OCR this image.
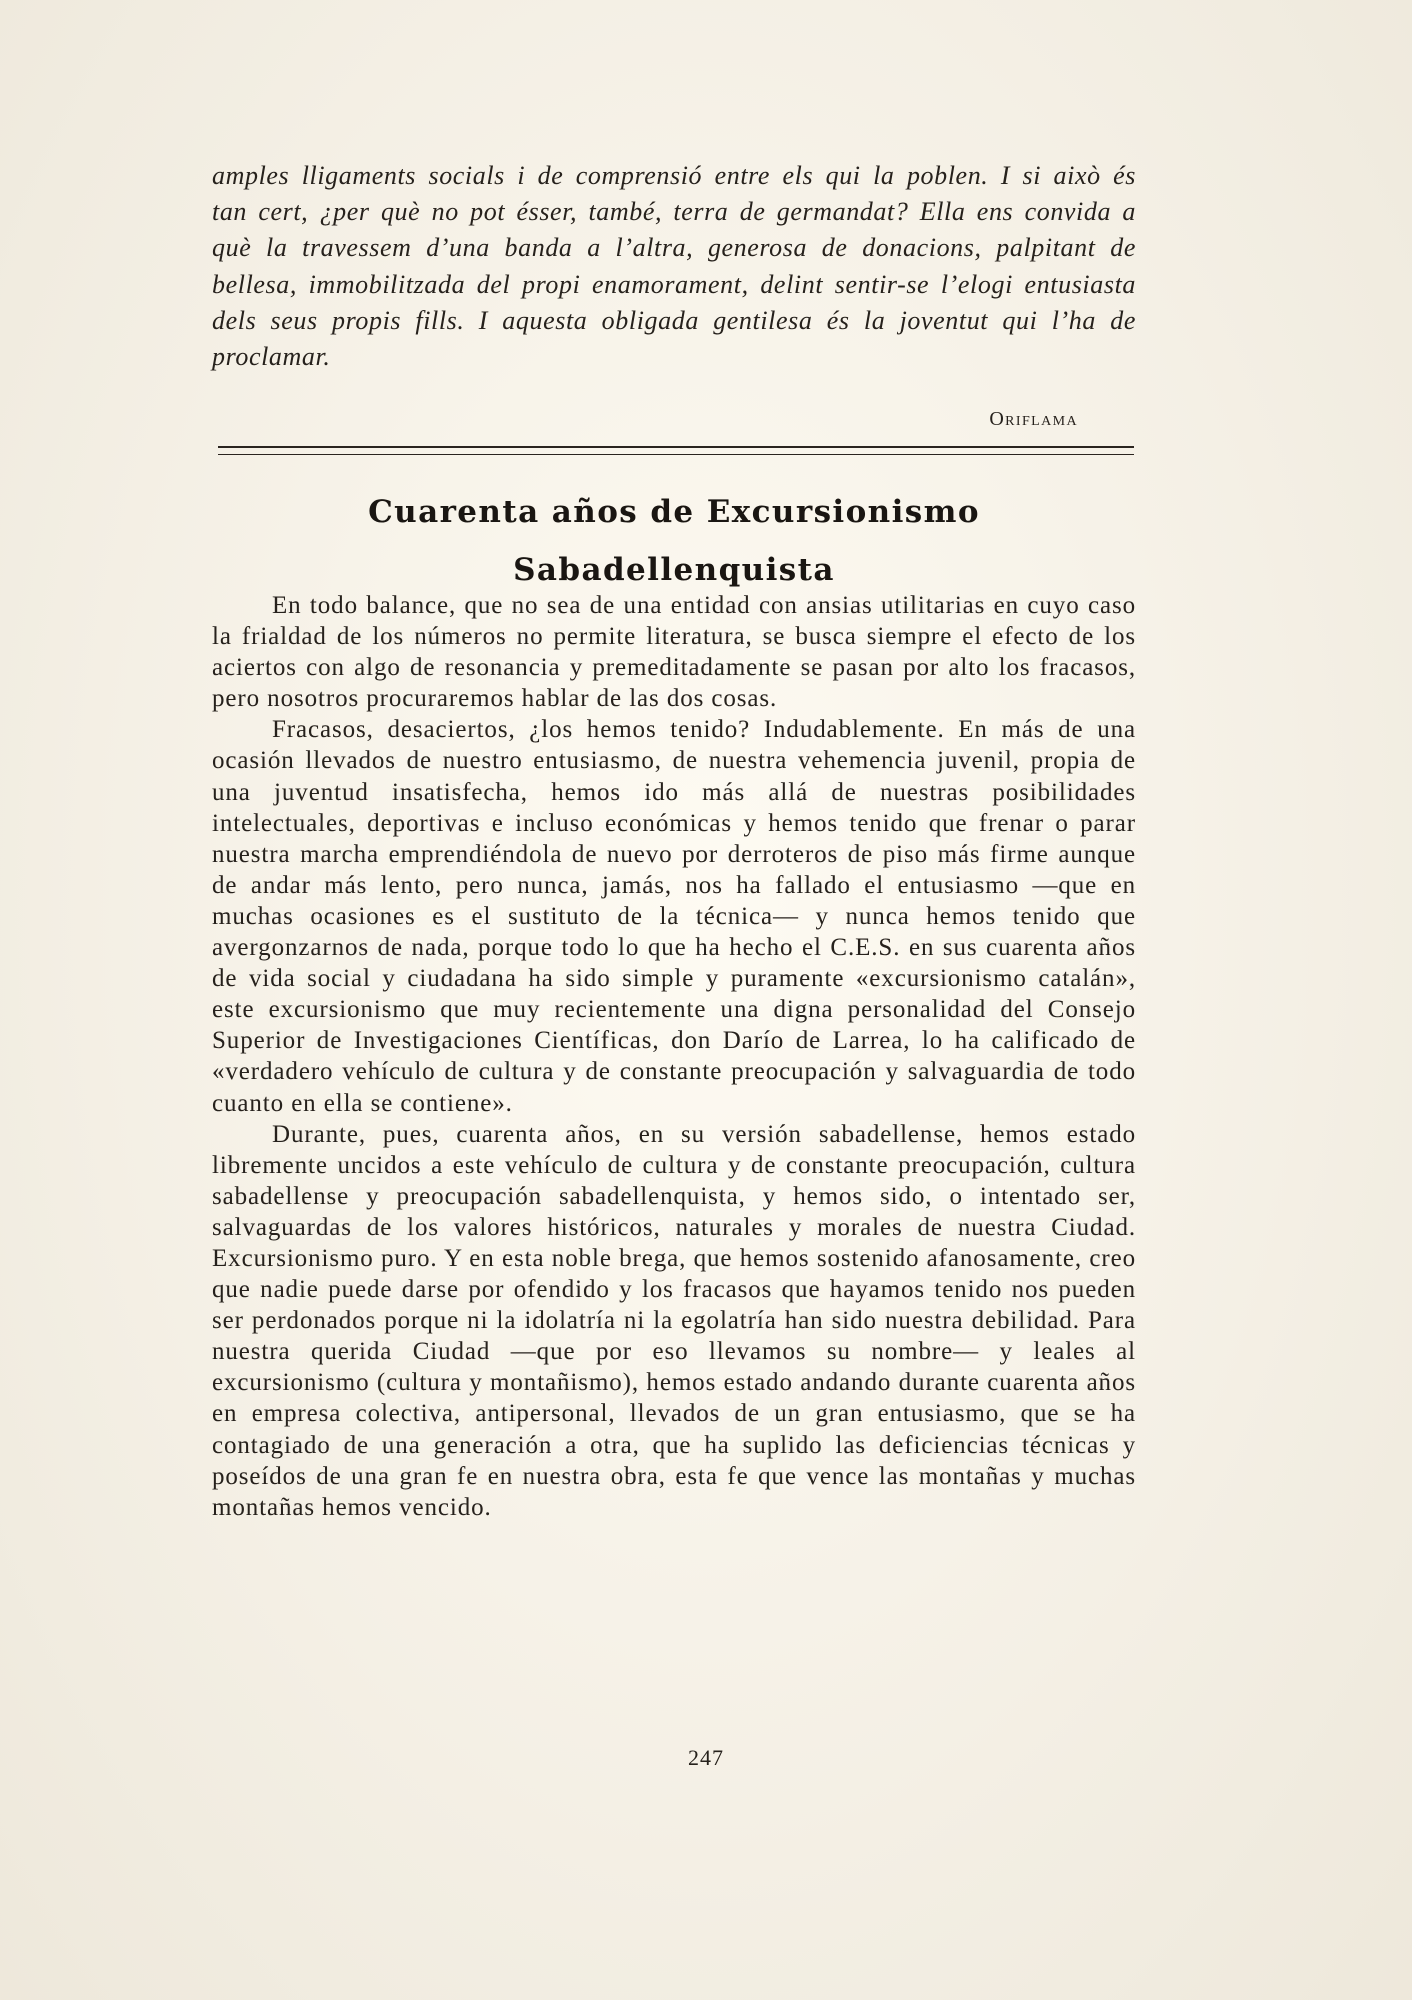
amples lligaments socials i de comprensió entre els qui la poblen. I si això és tan cert, ¿per què no pot ésser, també, terra de germandat? Ella ens convida a què la travessem d’una banda a l’altra, generosa de donacions, palpitant de bellesa, immobilitzada del propi enamorament, delint sentir-se l’elogi entusiasta dels seus propis fills. I aquesta obligada gentilesa és la joventut qui l’ha de proclamar.

Oriflama
Cuarenta años de Excursionismo
Sabadellenquista

En todo balance, que no sea de una entidad con ansias utilitarias en cuyo caso la frialdad de los números no permite literatura, se busca siempre el efecto de los aciertos con algo de resonancia y premeditadamente se pasan por alto los fracasos, pero nosotros procuraremos hablar de las dos cosas.

Fracasos, desaciertos, ¿los hemos tenido? Indudablemente. En más de una ocasión llevados de nuestro entusiasmo, de nuestra vehemencia juvenil, propia de una juventud insatisfecha, hemos ido más allá de nuestras posibilidades intelectuales, deportivas e incluso económicas y hemos tenido que frenar o parar nuestra marcha emprendiéndola de nuevo por derroteros de piso más firme aunque de andar más lento, pero nunca, jamás, nos ha fallado el entusiasmo —que en muchas ocasiones es el sustituto de la técnica— y nunca hemos tenido que avergonzarnos de nada, porque todo lo que ha hecho el C.E.S. en sus cuarenta años de vida social y ciudadana ha sido simple y puramente «excursionismo catalán», este excursionismo que muy recientemente una digna personalidad del Consejo Superior de Investigaciones Científicas, don Darío de Larrea, lo ha calificado de «verdadero vehículo de cultura y de constante preocupación y salvaguardia de todo cuanto en ella se contiene».

Durante, pues, cuarenta años, en su versión sabadellense, hemos estado libremente uncidos a este vehículo de cultura y de constante preocupación, cultura sabadellense y preocupación sabadellenquista, y hemos sido, o intentado ser, salvaguardas de los valores históricos, naturales y morales de nuestra Ciudad. Excursionismo puro. Y en esta noble brega, que hemos sostenido afanosamente, creo que nadie puede darse por ofendido y los fracasos que hayamos tenido nos pueden ser perdonados porque ni la idolatría ni la egolatría han sido nuestra debilidad. Para nuestra querida Ciudad —que por eso llevamos su nombre— y leales al excursionismo (cultura y montañismo), hemos estado andando durante cuarenta años en empresa colectiva, antipersonal, llevados de un gran entusiasmo, que se ha contagiado de una generación a otra, que ha suplido las deficiencias técnicas y poseídos de una gran fe en nuestra obra, esta fe que vence las montañas y muchas montañas hemos vencido.

247
